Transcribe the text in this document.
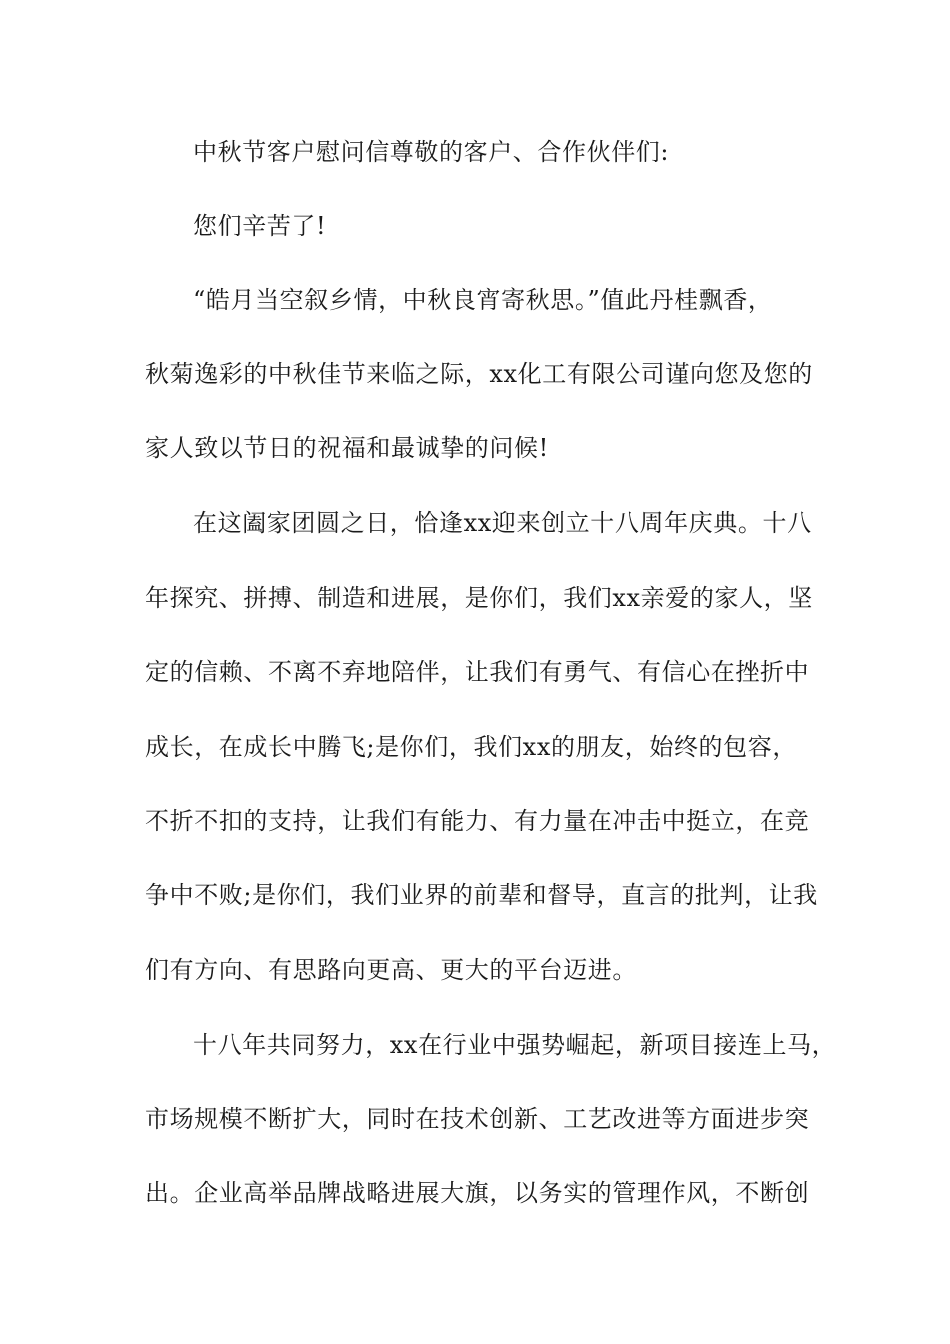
中秋节客户慰问信尊敬的客户、合作伙伴们:
您们辛苦了!
“皓月当空叙乡情，中秋良宵寄秋思。”值此丹桂飘香，
秋菊逸彩的中秋佳节来临之际，xx化工有限公司谨向您及您的
家人致以节日的祝福和最诚挚的问候!
在这阖家团圆之日，恰逢xx迎来创立十八周年庆典。十八
年探究、拼搏、制造和进展，是你们，我们xx亲爱的家人，坚
定的信赖、不离不弃地陪伴，让我们有勇气、有信心在挫折中
成长，在成长中腾飞;是你们，我们xx的朋友，始终的包容，
不折不扣的支持，让我们有能力、有力量在冲击中挺立，在竞
争中不败;是你们，我们业界的前辈和督导，直言的批判，让我
们有方向、有思路向更高、更大的平台迈进。
十八年共同努力，xx在行业中强势崛起，新项目接连上马，
市场规模不断扩大，同时在技术创新、工艺改进等方面进步突
出。企业高举品牌战略进展大旗，以务实的管理作风，不断创
